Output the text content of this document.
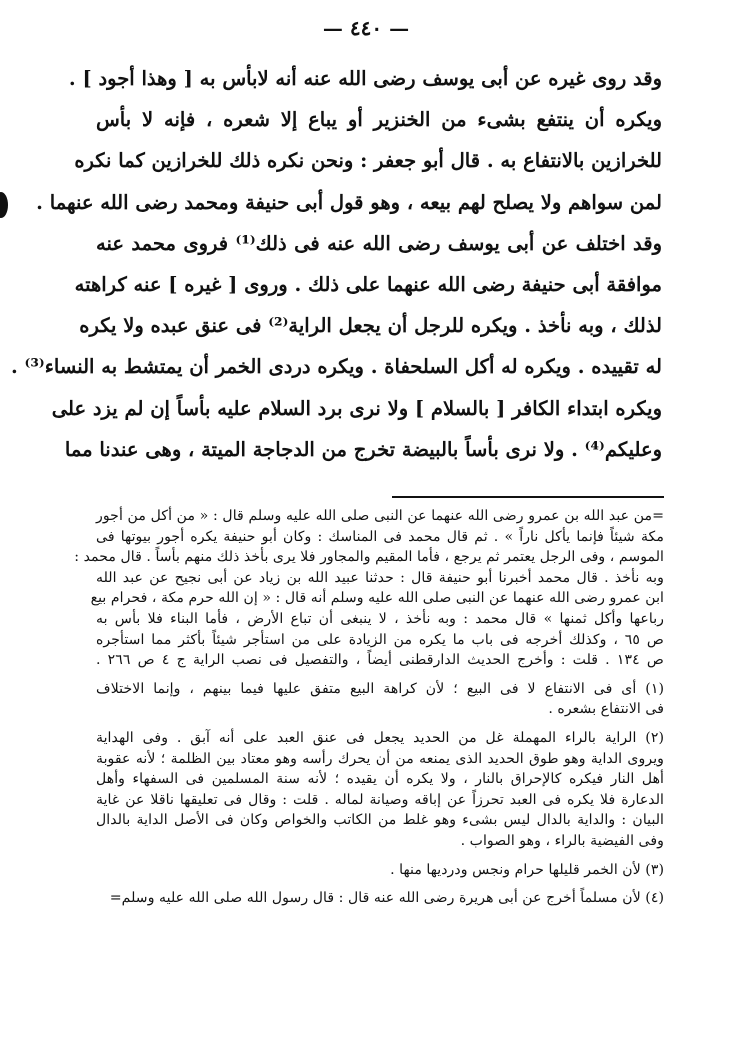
— ٤٤٠ —
وقد روى غيره عن أبى يوسف رضى الله عنه أنه لابأس به [ وهذا أجود ] .
ويكره أن ينتفع بشىء من الخنزير أو يباع إلا شعره ، فإنه لا بأس
للخرازين بالانتفاع به . قال أبو جعفر : ونحن نكره ذلك للخرازين كما نكره
لمن سواهم ولا يصلح لهم بيعه ، وهو قول أبى حنيفة ومحمد رضى الله عنهما .
وقد اختلف عن أبى يوسف رضى الله عنه فى ذلك⁽¹⁾ فروى محمد عنه
موافقة أبى حنيفة رضى الله عنهما على ذلك . وروى [ غيره ] عنه كراهته
لذلك ، وبه نأخذ . ويكره للرجل أن يجعل الراية⁽²⁾ فى عنق عبده ولا يكره
له تقييده . ويكره له أكل السلحفاة . ويكره دردى الخمر أن يمتشط به النساء⁽³⁾ .
ويكره ابتداء الكافر [ بالسلام ] ولا نرى برد السلام عليه بأساً إن لم يزد على
وعليكم⁽⁴⁾ . ولا نرى بأساً بالبيضة تخرج من الدجاجة الميتة ، وهى عندنا مما
=من عبد الله بن عمرو رضى الله عنهما عن النبى صلى الله عليه وسلم قال : « من أكل من أجور
مكة شيئاً فإنما يأكل ناراً » . ثم قال محمد فى المناسك : وكان أبو حنيفة يكره أجور بيوتها فى
الموسم ، وفى الرجل يعتمر ثم يرجع ، فأما المقيم والمجاور فلا يرى بأخذ ذلك منهم بأساً . قال محمد :
وبه نأخذ . قال محمد أخبرنا أبو حنيفة قال : حدثنا عبيد الله بن زياد عن أبى نجيح عن عبد الله
ابن عمرو رضى الله عنهما عن النبى صلى الله عليه وسلم أنه قال : « إن الله حرم مكة ، فحرام بيع
رباعها وأكل ثمنها » قال محمد : وبه نأخذ ، لا ينبغى أن تباع الأرض ، فأما البناء فلا بأس به
ص ٦٥ ، وكذلك أخرجه فى باب ما يكره من الزيادة على من استأجر شيئاً بأكثر مما استأجره
ص ١٣٤ . قلت : وأخرج الحديث الدارقطنى أيضاً ، والتفصيل فى نصب الراية ج ٤ ص ٢٦٦ .
(١) أى فى الانتفاع لا فى البيع ؛ لأن كراهة البيع متفق عليها فيما بينهم ، وإنما الاختلاف
فى الانتفاع بشعره .
(٢) الراية بالراء المهملة غل من الحديد يجعل فى عنق العبد على أنه آبق . وفى الهداية
ويروى الداية وهو طوق الحديد الذى يمنعه من أن يحرك رأسه وهو معتاد بين الظلمة ؛ لأنه عقوبة
أهل النار فيكره كالإحراق بالنار ، ولا يكره أن يقيده ؛ لأنه سنة المسلمين فى السفهاء وأهل
الدعارة فلا يكره فى العبد تحرزاً عن إباقه وصيانة لماله . قلت : وقال فى تعليقها ناقلا عن غاية
البيان : والداية بالدال ليس بشىء وهو غلط من الكاتب والخواص وكان فى الأصل الداية بالدال
وفى الفيضية بالراء ، وهو الصواب .
(٣) لأن الخمر قليلها حرام ونجس ودرديها منها .
(٤) لأن مسلماً أخرج عن أبى هريرة رضى الله عنه قال : قال رسول الله صلى الله عليه وسلم=
